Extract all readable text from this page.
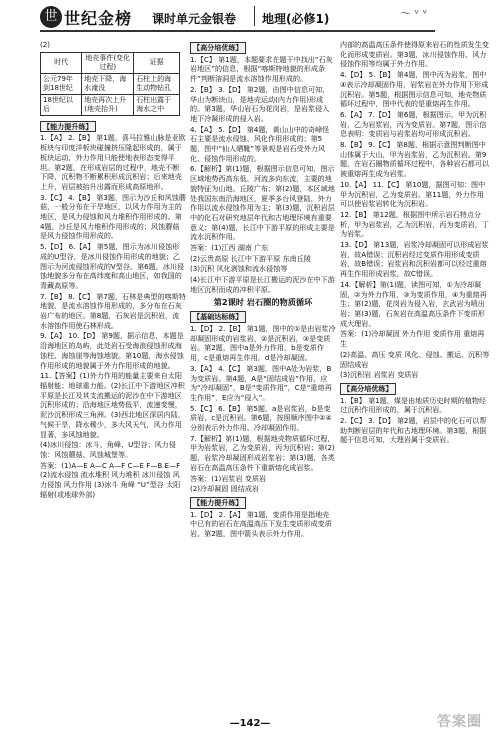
世 世纪金榜 课时单元金银卷 地理(必修1)	〜 ᵛ ᵛ

(2)

时代	地壳事件(变化过程)	证据
公元79年到18世纪	地壳下降，海水淹没	石柱上的海生动物钻孔
18世纪以后	地壳再次上升(地壳抬升)	石柱出露于海水之中
【能力提升练】

1.【A】 2.【B】 第1题，喜马拉雅山脉是亚欧板块与印度洋板块碰撞挤压隆起形成的，属于板块运动，外力作用只能使地表形态变得平坦。第2题，在形成岩层的过程中，地壳不断下降，沉积物不断累积形成沉积岩；后来地壳上升，岩层被抬升出露而形成高原地形。

3.【C】 4.【B】 第3题，图示为沙丘和风蚀蘑菇，一般分布在干旱地区，以风力作用为主的地区，是风力侵蚀和风力堆积作用形成的。第4题，沙丘是风力堆积作用形成的；风蚀蘑菇是风力侵蚀作用形成的。

5.【D】 6.【A】 第5题，图示为冰川侵蚀形成的U型谷，是冰川侵蚀作用形成的地貌；乙图示为河流侵蚀形成的V型谷。第6题，冰川侵蚀地貌多分布在高纬度和高山地区，如我国的青藏高原等。

7.【B】 8.【C】 第7题，石林是典型的喀斯特地貌，是流水溶蚀作用形成的，多分布在石灰岩广布的地区。第8题，石灰岩是沉积岩，流水溶蚀作用使石林形成。

9.【A】 10.【D】 第9题，据示信息，本题是沿海地区的岛屿，此处岩石受海浪侵蚀形成海蚀柱、海蚀崖等海蚀地貌。第10题，海水侵蚀作用形成的地貌属于外力作用形成的地貌。

11.【答案】(1)外力作用的能量主要来自太阳辐射能；地球重力能。(2)长江中下游地区冲积平原是长江及其支流搬运的泥沙在中下游地区沉积形成的；沿海地区地势低平，流速变慢，泥沙沉积形成三角洲。(3)西北地区深居内陆，气候干旱，降水稀少，多大风天气，风力作用显著，多风蚀地貌。

(4)冰川侵蚀：冰斗、角峰、U型谷；风力侵蚀：风蚀蘑菇、风蚀城堡等。

答案：(1)A—E A—C A—F C—E F—B E—F (2)流水侵蚀 流水堆积 风力堆积 冰川侵蚀 风力侵蚀 风力作用 (3)冰斗 角峰 “U”型谷 太阳辐射(或地球外部)

【高分培优练】

1.【C】 第1题，本题要求在题干中找出“石灰岩地区”的信息，根据“喀斯特地貌的形成条件”判断溶洞是流水溶蚀作用形成的。

2.【B】 3.【D】 第2题，由图中信息可知，华山为断块山，是地壳运动(内力作用)形成的。第3题，华山岩石为花岗岩，是岩浆侵入地下冷凝形成的侵入岩。

4.【A】 5.【D】 第4题，黄山山中的奇峰怪石主要是流水侵蚀、风化作用形成的；第5题，图中“仙人晒靴”等景观是岩石受外力风化、侵蚀作用形成的。

6.【解析】第(1)题，根据图示信息可知，图示区域地势西高东低，河流多向东流，主要的地貌特征为山地、丘陵广布；第(2)题，本区域地处我国东南沿海地区，夏季多台风登陆，外力作用以流水侵蚀作用为主；第(3)题，沉积岩层中的化石对研究地层年代和古地理环境有重要意义；第(4)题，长江中下游平原的形成主要是流水沉积作用。

答案：(1)江西 湖南 广东

(2)云贵高原 长江中下游平原 东南丘陵

(3)沉积 风化剥蚀和流水侵蚀等

(4)长江中下游平原是长江搬运的泥沙在中下游地区沉积而成的冲积平原。

第2课时 岩石圈的物质循环
【基础达标练】

1.【D】 2.【B】 第1题，图中的①是由岩浆冷却凝固形成的岩浆岩，②是沉积岩，③是变质岩。第2题，图中a是外力作用，b是变质作用，c是重熔再生作用，d是冷却凝固。

3.【A】 4.【C】 第3题，图中A处为岩浆，B为变质岩。第4题，A是“固结成岩”作用，应为“冷却凝固”，B是“变质作用”，C是“重熔再生作用”，E应为“侵入”。

5.【C】 6.【B】 第5题，a是岩浆岩，b是变质岩，c是沉积岩。第6题，按照顺序图中②④分别表示外力作用、冷却凝固作用。

7.【解析】第(1)题，根据地壳物质循环过程，甲为岩浆岩，乙为变质岩，丙为沉积岩；第(2)题，岩浆冷却凝固形成岩浆岩；第(3)题，各类岩石在高温高压条件下重新熔化成岩浆。

答案：(1)岩浆岩 变质岩

(2)冷却凝固 固结成岩

【能力提升练】

1.【D】 2.【A】 第1题，变质作用是指地壳中已有的岩石在高温高压下发生变质形成变质岩。第2题，图中箭头表示外力作用。

内部的高温高压条件使得原来岩石的性质发生变化而形成变质岩。第3题，冰川侵蚀作用、风力侵蚀作用等均属于外力作用。

4.【D】 5.【B】 第4题，图中丙为岩浆，图中④表示冷却凝固作用，岩浆岩在外力作用下形成沉积岩。第5题，根据图示信息可知，地壳物质循环过程中，图中代表的是重熔再生作用。

6.【A】 7.【D】 第6题，根据图示，甲为沉积岩，乙为岩浆岩，丙为变质岩。第7题，图示信息表明：变质岩与岩浆岩均可形成沉积岩。

8.【B】 9.【C】 第8题，根据示意图判断图中山体属于大山，甲为岩浆岩，乙为沉积岩。第9题，在岩石圈物质循环过程中，各种岩石都可以被重熔再生成为岩浆。

10.【A】 11.【C】 第10题，据图可知：图中甲为沉积岩，乙为变质岩。第11题，外力作用可以使岩浆岩转化为沉积岩。

12.【B】 第12题，根据图中所示岩石特点分析，甲为岩浆岩，乙为沉积岩，丙为变质岩，丁为岩浆。

13.【D】 第13题，岩浆冷却凝固可以形成岩浆岩，故A错误；沉积岩经过变质作用形成变质岩，故B错误；岩浆岩和沉积岩都可以经过重熔再生作用形成岩浆，故C错误。

14.【解析】第(1)题，读图可知，①为冷却凝固，②为外力作用，③为变质作用，④为重熔再生；第(2)题，花岗岩为侵入岩，玄武岩为喷出岩；第(3)题，石灰岩在高温高压条件下变质形成大理岩。

答案：(1)冷却凝固 外力作用 变质作用 重熔再生

(2)高温、高压 变质 风化、侵蚀、搬运、沉积等 固结成岩

(3)沉积岩 岩浆岩 变质岩

【高分培优练】

1.【B】 第1题，煤是由地质历史时期的植物经过沉积作用形成的，属于沉积岩。

2.【C】 3.【D】 第2题，岩层中的化石可以帮助判断岩层的年代和古地理环境。第3题，根据题干信息可知，大理岩属于变质岩。

—142—	答案圈
